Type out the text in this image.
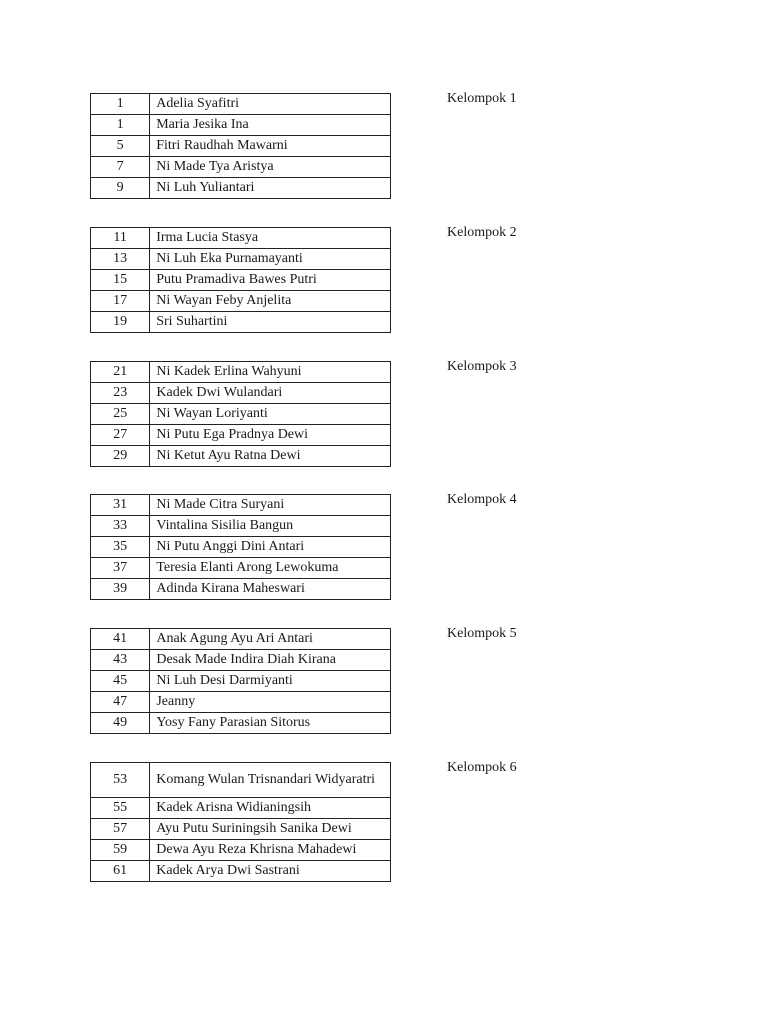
1	Adelia Syafitri
1	Maria Jesika Ina
5	Fitri Raudhah Mawarni
7	Ni Made Tya Aristya
9	Ni Luh Yuliantari
Kelompok 1
11	Irma Lucia Stasya
13	Ni Luh Eka Purnamayanti
15	Putu Pramadiva Bawes Putri
17	Ni Wayan Feby Anjelita
19	Sri Suhartini
Kelompok 2
21	Ni Kadek Erlina Wahyuni
23	Kadek Dwi Wulandari
25	Ni Wayan Loriyanti
27	Ni Putu Ega Pradnya Dewi
29	Ni Ketut Ayu Ratna Dewi
Kelompok 3
31	Ni Made Citra Suryani
33	Vintalina Sisilia Bangun
35	Ni Putu Anggi Dini Antari
37	Teresia Elanti Arong Lewokuma
39	Adinda Kirana Maheswari
Kelompok 4
41	Anak Agung Ayu Ari Antari
43	Desak Made Indira Diah Kirana
45	Ni Luh Desi Darmiyanti
47	Jeanny
49	Yosy Fany Parasian Sitorus
Kelompok 5
53	Komang Wulan Trisnandari Widyaratri
55	Kadek Arisna Widianingsih
57	Ayu Putu Suriningsih Sanika Dewi
59	Dewa Ayu Reza Khrisna Mahadewi
61	Kadek Arya Dwi Sastrani
Kelompok 6
